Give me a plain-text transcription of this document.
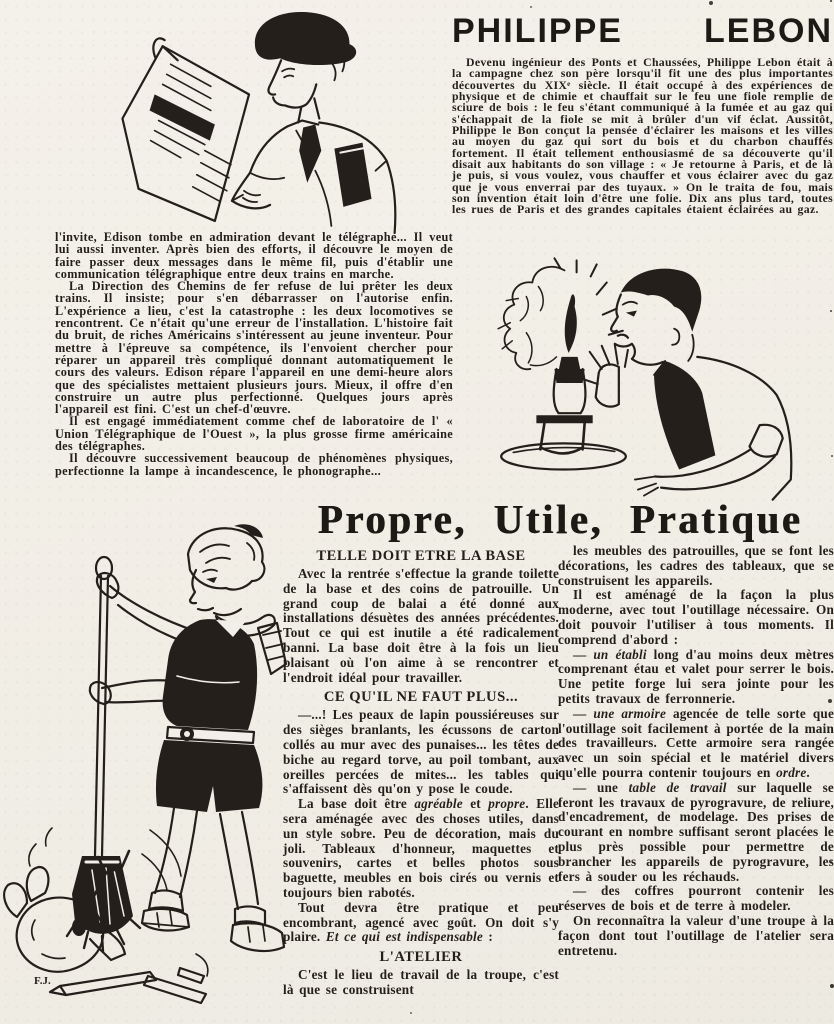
l'invite, Edison tombe en admiration devant le télégraphe... Il veut lui aussi inventer. Après bien des efforts, il découvre le moyen de faire passer deux messages dans le même fil, puis d'établir une communication télégraphique entre deux trains en marche.

La Direction des Chemins de fer refuse de lui prêter les deux trains. Il insiste; pour s'en débarrasser on l'autorise enfin. L'expérience a lieu, c'est la catastrophe : les deux locomotives se rencontrent. Ce n'était qu'une erreur de l'installation. L'histoire fait du bruit, de riches Américains s'intéressent au jeune inventeur. Pour mettre à l'épreuve sa compétence, ils l'envoient chercher pour réparer un appareil très compliqué donnant automatiquement le cours des valeurs. Edison répare l'appareil en une demi-heure alors que des spécialistes mettaient plusieurs jours. Mieux, il offre d'en construire un autre plus perfectionné. Quelques jours après l'appareil est fini. C'est un chef-d'œuvre.

Il est engagé immédiatement comme chef de laboratoire de l' « Union Télégraphique de l'Ouest », la plus grosse firme américaine des télégraphes.

Il découvre successivement beaucoup de phénomènes physiques, perfectionne la lampe à incandescence, le phonographe...

PHILIPPE LEBON

Devenu ingénieur des Ponts et Chaussées, Philippe Lebon était à la campagne chez son père lorsqu'il fit une des plus importantes découvertes du XIXᵉ siècle. Il était occupé à des expériences de physique et de chimie et chauffait sur le feu une fiole remplie de sciure de bois : le feu s'étant communiqué à la fumée et au gaz qui s'échappait de la fiole se mit à brûler d'un vif éclat. Aussitôt, Philippe le Bon conçut la pensée d'éclairer les maisons et les villes au moyen du gaz qui sort du bois et du charbon chauffés fortement. Il était tellement enthousiasmé de sa découverte qu'il disait aux habitants do son village : « Je retourne à Paris, et de là je puis, si vous voulez, vous chauffer et vous éclairer avec du gaz que je vous enverrai par des tuyaux. » On le traita de fou, mais son invention était loin d'être une folie. Dix ans plus tard, toutes les rues de Paris et des grandes capitales étaient éclairées au gaz.

Propre, Utile, Pratique
TELLE DOIT ETRE LA BASE

Avec la rentrée s'effectue la grande toilette de la base et des coins de patrouille. Un grand coup de balai a été donné aux installations désuètes des années précédentes. Tout ce qui est inutile a été radicalement banni. La base doit être à la fois un lieu plaisant où l'on aime à se rencontrer et l'endroit idéal pour travailler.

CE QU'IL NE FAUT PLUS...

—...! Les peaux de lapin poussiéreuses sur des sièges branlants, les écussons de carton collés au mur avec des punaises... les têtes de biche au regard torve, au poil tombant, aux oreilles percées de mites... les tables qui s'affaissent dès qu'on y pose le coude.

La base doit être agréable et propre. Elle sera aménagée avec des choses utiles, dans un style sobre. Peu de décoration, mais du joli. Tableaux d'honneur, maquettes et souvenirs, cartes et belles photos sous baguette, meubles en bois cirés ou vernis et toujours bien rabotés.

Tout devra être pratique et peu encombrant, agencé avec goût. On doit s'y plaire. Et ce qui est indispensable :

L'ATELIER

C'est le lieu de travail de la troupe, c'est là que se construisent

les meubles des patrouilles, que se font les décorations, les cadres des tableaux, que se construisent les appareils.

Il est aménagé de la façon la plus moderne, avec tout l'outillage nécessaire. On doit pouvoir l'utiliser à tous moments. Il comprend d'abord :

— un établi long d'au moins deux mètres comprenant étau et valet pour serrer le bois. Une petite forge lui sera jointe pour les petits travaux de ferronnerie.

— une armoire agencée de telle sorte que l'outillage soit facilement à portée de la main des travailleurs. Cette armoire sera rangée avec un soin spécial et le matériel divers qu'elle pourra contenir toujours en ordre.

— une table de travail sur laquelle se feront les travaux de pyrogravure, de reliure, d'encadrement, de modelage. Des prises de courant en nombre suffisant seront placées le plus près possible pour permettre de brancher les appareils de pyrogravure, les fers à souder ou les réchauds.

— des coffres pourront contenir les réserves de bois et de terre à modeler.

On reconnaîtra la valeur d'une troupe à la façon dont tout l'outillage de l'atelier sera entretenu.

F.J.
